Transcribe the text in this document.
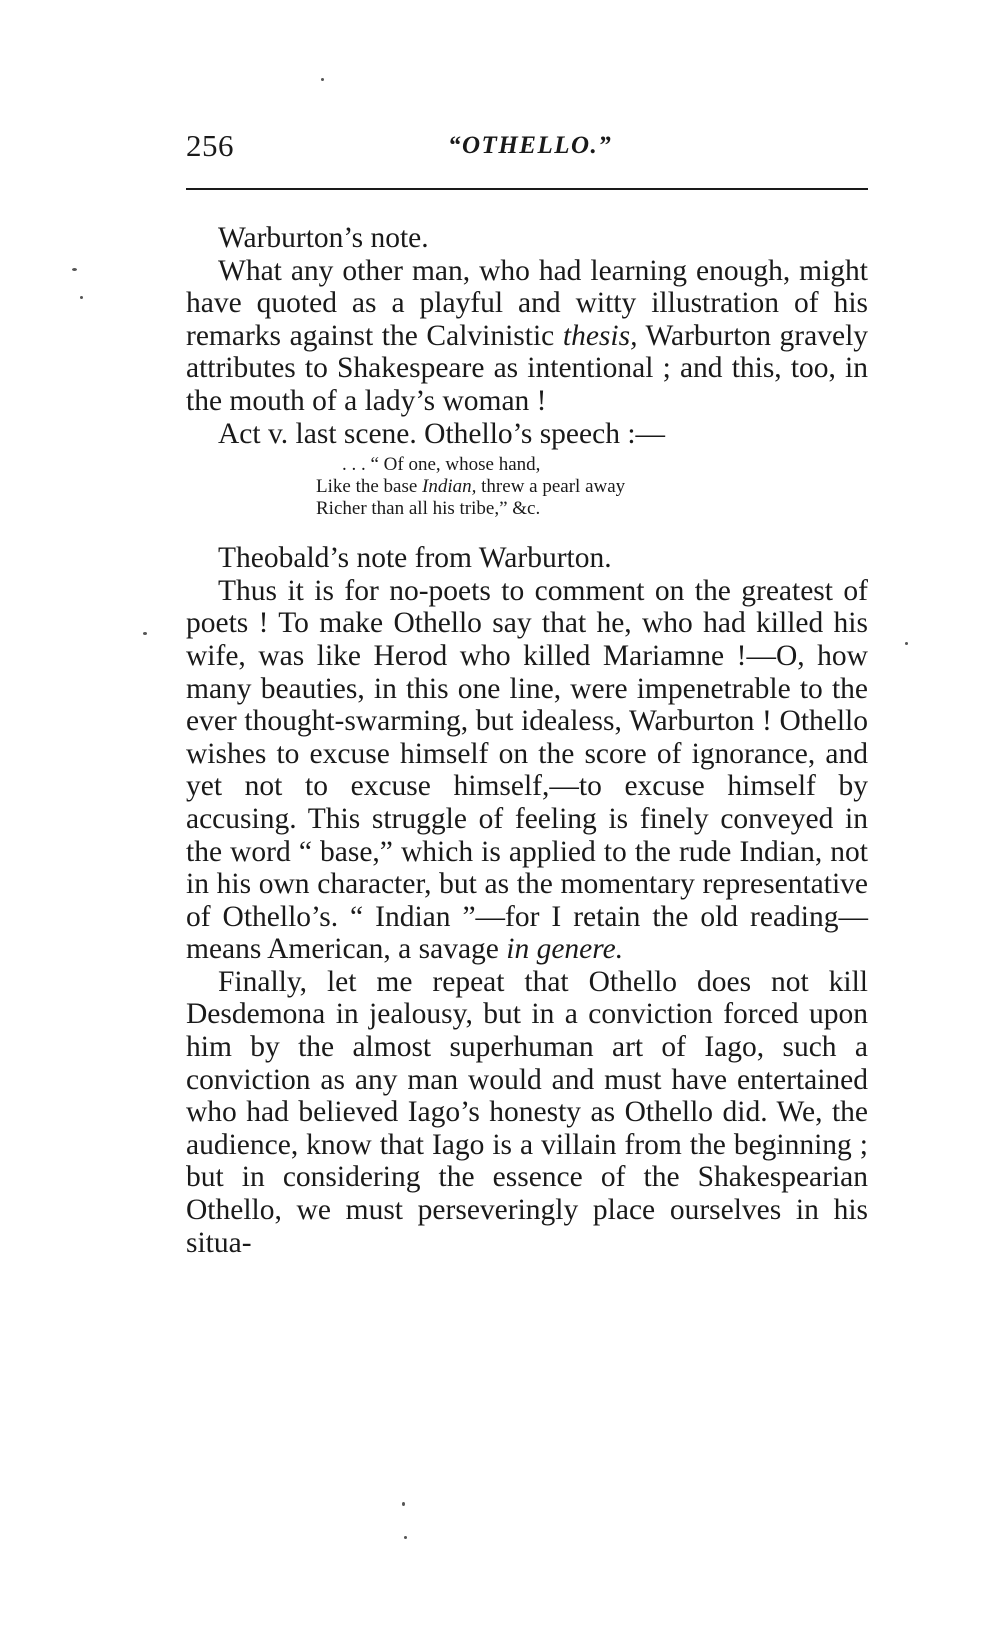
256	“OTHELLO.”

Warburton’s note.

What any other man, who had learning enough, might have quoted as a playful and witty illustration of his remarks against the Calvinistic thesis, Warburton gravely attributes to Shakespeare as intentional ; and this, too, in the mouth of a lady’s woman !

Act v. last scene. Othello’s speech :—

. . . “ Of one, whose hand,
Like the base Indian, threw a pearl away
Richer than all his tribe,” &c.

Theobald’s note from Warburton.

Thus it is for no-poets to comment on the greatest of poets ! To make Othello say that he, who had killed his wife, was like Herod who killed Mariamne !—O, how many beauties, in this one line, were impenetrable to the ever thought-swarming, but idealess, Warburton ! Othello wishes to excuse himself on the score of ignorance, and yet not to excuse himself,—to excuse himself by accusing. This struggle of feeling is finely conveyed in the word “ base,” which is applied to the rude Indian, not in his own character, but as the momentary representative of Othello’s. “ Indian ”—for I retain the old reading—means American, a savage in genere.

Finally, let me repeat that Othello does not kill Desdemona in jealousy, but in a conviction forced upon him by the almost superhuman art of Iago, such a conviction as any man would and must have entertained who had believed Iago’s honesty as Othello did. We, the audience, know that Iago is a villain from the beginning ; but in considering the essence of the Shakespearian Othello, we must perseveringly place ourselves in his situa-
